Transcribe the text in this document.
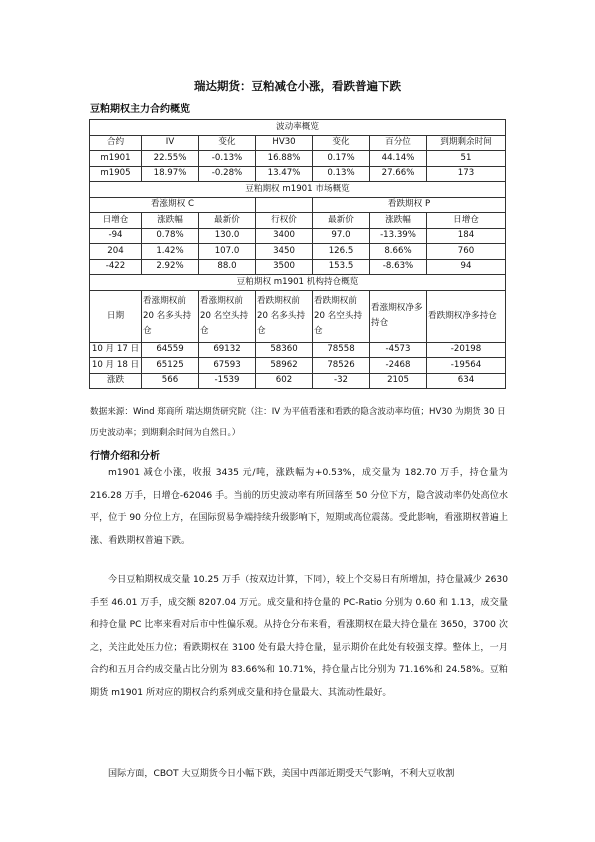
瑞达期货：豆粕减仓小涨，看跌普遍下跌
豆粕期权主力合约概览
波动率概览						
合约	IV	变化	HV30	变化	百分位	到期剩余时间
m1901	22.55%	-0.13%	16.88%	0.17%	44.14%	51
m1905	18.97%	-0.28%	13.47%	0.13%	27.66%	173
豆粕期权 m1901 市场概览						
看涨期权 C				看跌期权 P		
日增仓	涨跌幅	最新价	行权价	最新价	涨跌幅	日增仓
-94	0.78%	130.0	3400	97.0	-13.39%	184
204	1.42%	107.0	3450	126.5	8.66%	760
-422	2.92%	88.0	3500	153.5	-8.63%	94
豆粕期权 m1901 机构持仓概览						
日期	看涨期权前 20 名多头持仓	看涨期权前 20 名空头持仓	看跌期权前 20 名多头持仓	看跌期权前 20 名空头持仓	看涨期权净多持仓	看跌期权净多持仓
10 月 17 日	64559	69132	58360	78558	-4573	-20198
10 月 18 日	65125	67593	58962	78526	-2468	-19564
涨跌	566	-1539	602	-32	2105	634
数据来源：Wind 郑商所 瑞达期货研究院（注：IV 为平值看涨和看跌的隐含波动率均值；HV30 为期货 30 日历史波动率；到期剩余时间为自然日。）
行情介绍和分析

m1901 减仓小涨，收报 3435 元/吨，涨跌幅为+0.53%，成交量为 182.70 万手，持仓量为 216.28 万手，日增仓-62046 手。当前的历史波动率有所回落至 50 分位下方，隐含波动率仍处高位水平，位于 90 分位上方，在国际贸易争端持续升级影响下，短期或高位震荡。受此影响，看涨期权普遍上涨、看跌期权普遍下跌。

今日豆粕期权成交量 10.25 万手（按双边计算，下同），较上个交易日有所增加，持仓量减少 2630 手至 46.01 万手，成交额 8207.04 万元。成交量和持仓量的 PC-Ratio 分别为 0.60 和 1.13，成交量和持仓量 PC 比率来看对后市中性偏乐观。从持仓分布来看，看涨期权在最大持仓量在 3650，3700 次之，关注此处压力位；看跌期权在 3100 处有最大持仓量，显示期价在此处有较强支撑。整体上，一月合约和五月合约成交量占比分别为 83.66%和 10.71%，持仓量占比分别为 71.16%和 24.58%。豆粕期货 m1901 所对应的期权合约系列成交量和持仓量最大、其流动性最好。

国际方面，CBOT 大豆期货今日小幅下跌，美国中西部近期受天气影响，不利大豆收割
